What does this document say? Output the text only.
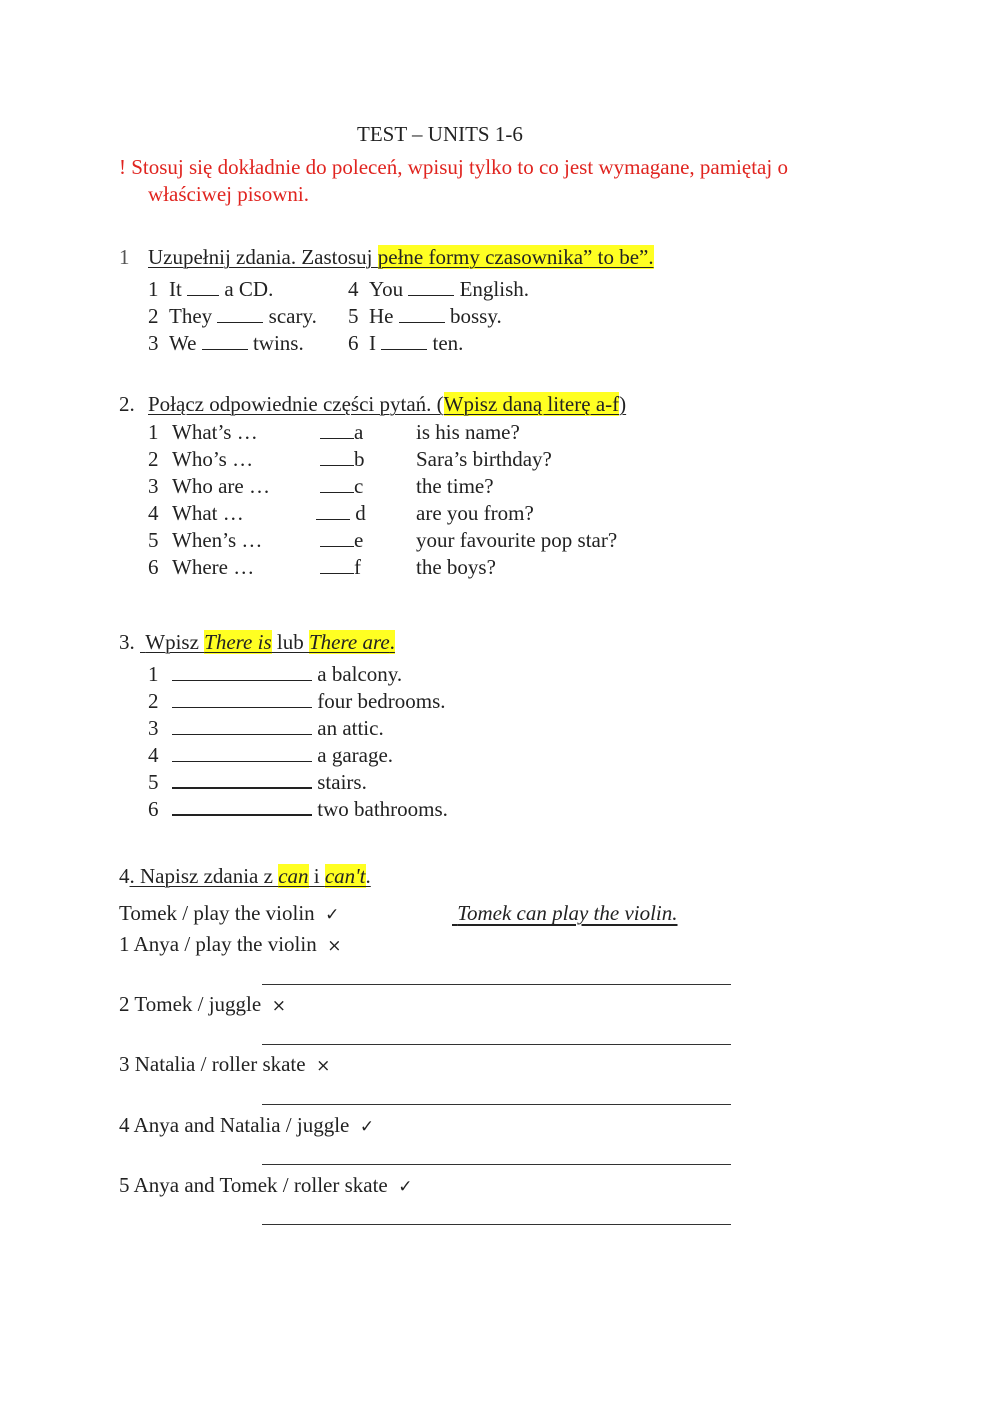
TEST – UNITS 1-6
! Stosuj się dokładnie do poleceń, wpisuj tylko to co jest wymagane, pamiętaj o
właściwej pisowni.
1 Uzupełnij zdania. Zastosuj pełne formy czasownika” to be”.
1 It a CD.	4 You	English.
2 They	scary. 5 He	bossy.
3 We	twins. 6 I	ten.
2. Połącz odpowiednie części pytań. (Wpisz daną literę a-f)
1 What’s …	a	is his name?
2 Who’s …	b Sara’s birthday?
3 Who are …	c	the time?
4 What …	d are you from?
5 When’s …	e	your favourite pop star?
6 Where …	f	the boys?
3. Wpisz There is lub There are.
1	a balcony.
2	four bedrooms.
3	an attic.
4	a garage.
5	stairs.
6	two bathrooms.
4. Napisz zdania z can i can't.
Tomek / play the violin ✓	Tomek can play the violin.
1 Anya / play the violin ×
2 Tomek / juggle ×
3 Natalia / roller skate ×
4 Anya and Natalia / juggle ✓
5 Anya and Tomek / roller skate ✓
